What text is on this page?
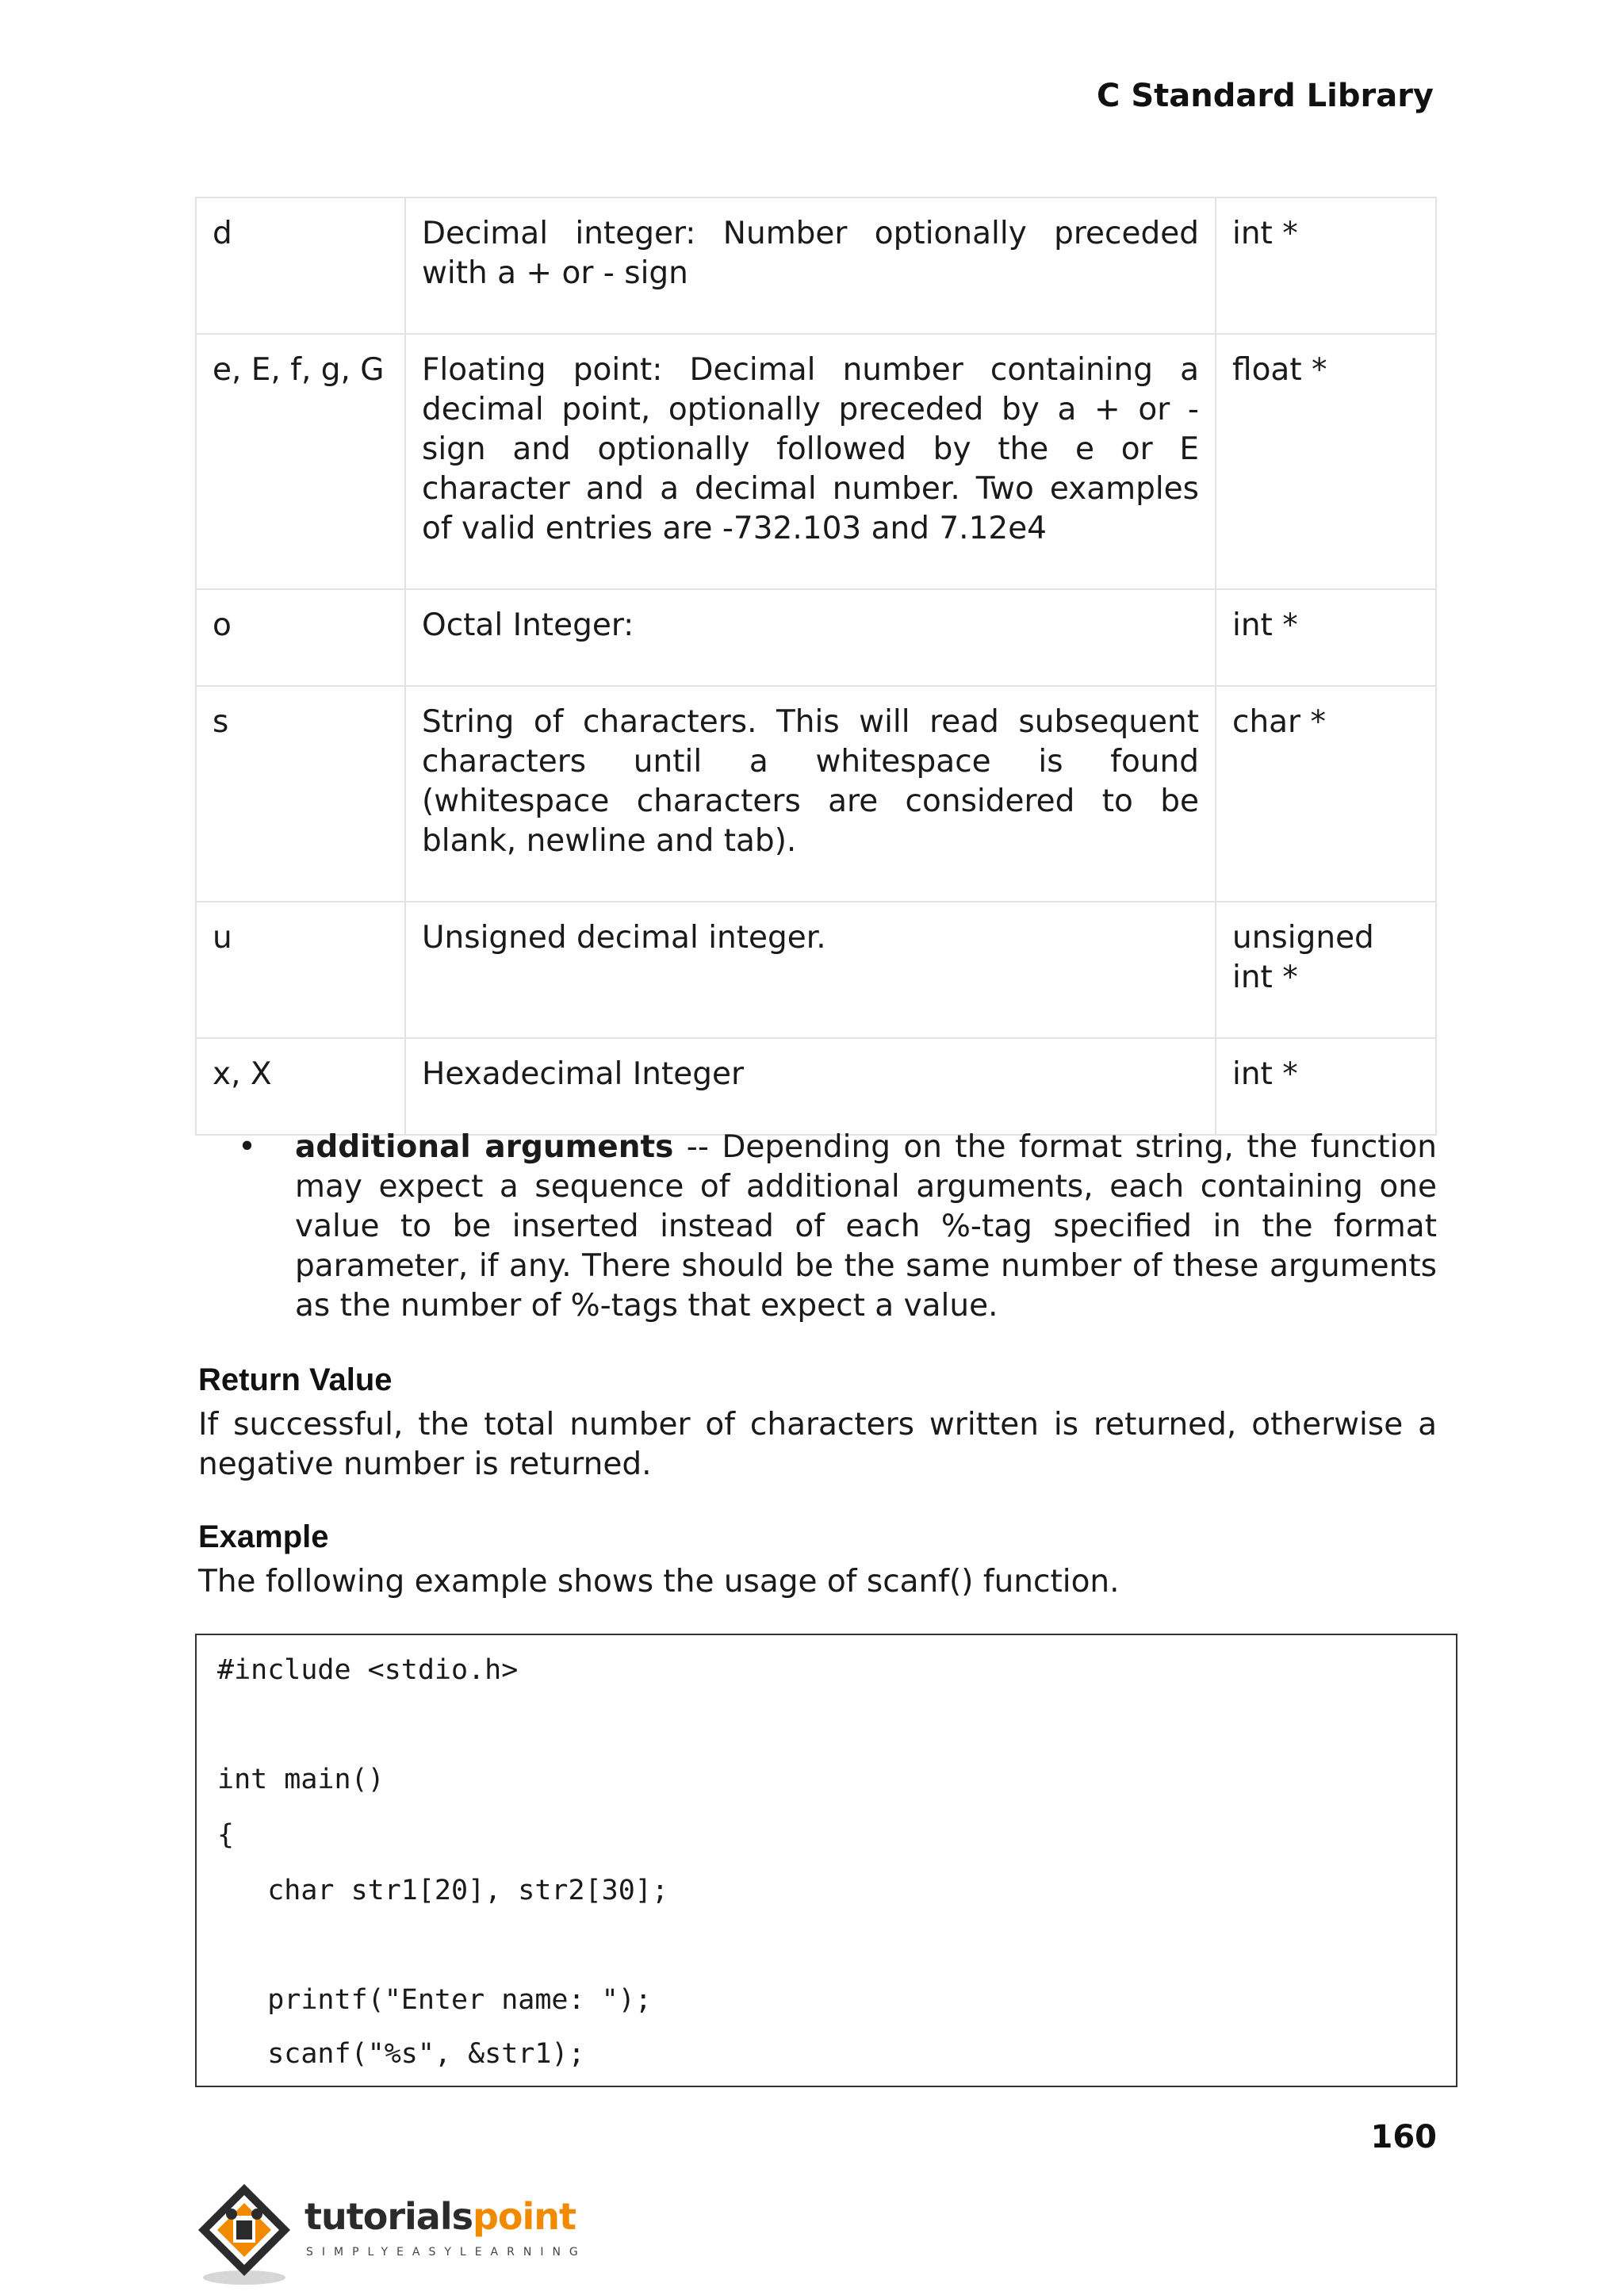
C Standard Library
d	Decimal integer: Number optionally preceded with a + or - sign	int *
e, E, f, g, G	Floating point: Decimal number containing a decimal point, optionally preceded by a + or - sign and optionally followed by the e or E character and a decimal number. Two examples of valid entries are -732.103 and 7.12e4	float *
o	Octal Integer:	int *
s	String of characters. This will read subsequent characters until a whitespace is found (whitespace characters are considered to be blank, newline and tab).	char *
u	Unsigned decimal integer.	unsigned int *
x, X	Hexadecimal Integer	int *
• additional arguments -- Depending on the format string, the function may expect a sequence of additional arguments, each containing one value to be inserted instead of each %-tag specified in the format parameter, if any. There should be the same number of these arguments as the number of %-tags that expect a value.
Return Value
If successful, the total number of characters written is returned, otherwise a negative number is returned.
Example
The following example shows the usage of scanf() function.
#include <stdio.h>
int main()
{
char str1[20], str2[30];
printf("Enter name: ");
scanf("%s", &str1);
160
tutorialspoint
SIMPLYEASYLEARNING
